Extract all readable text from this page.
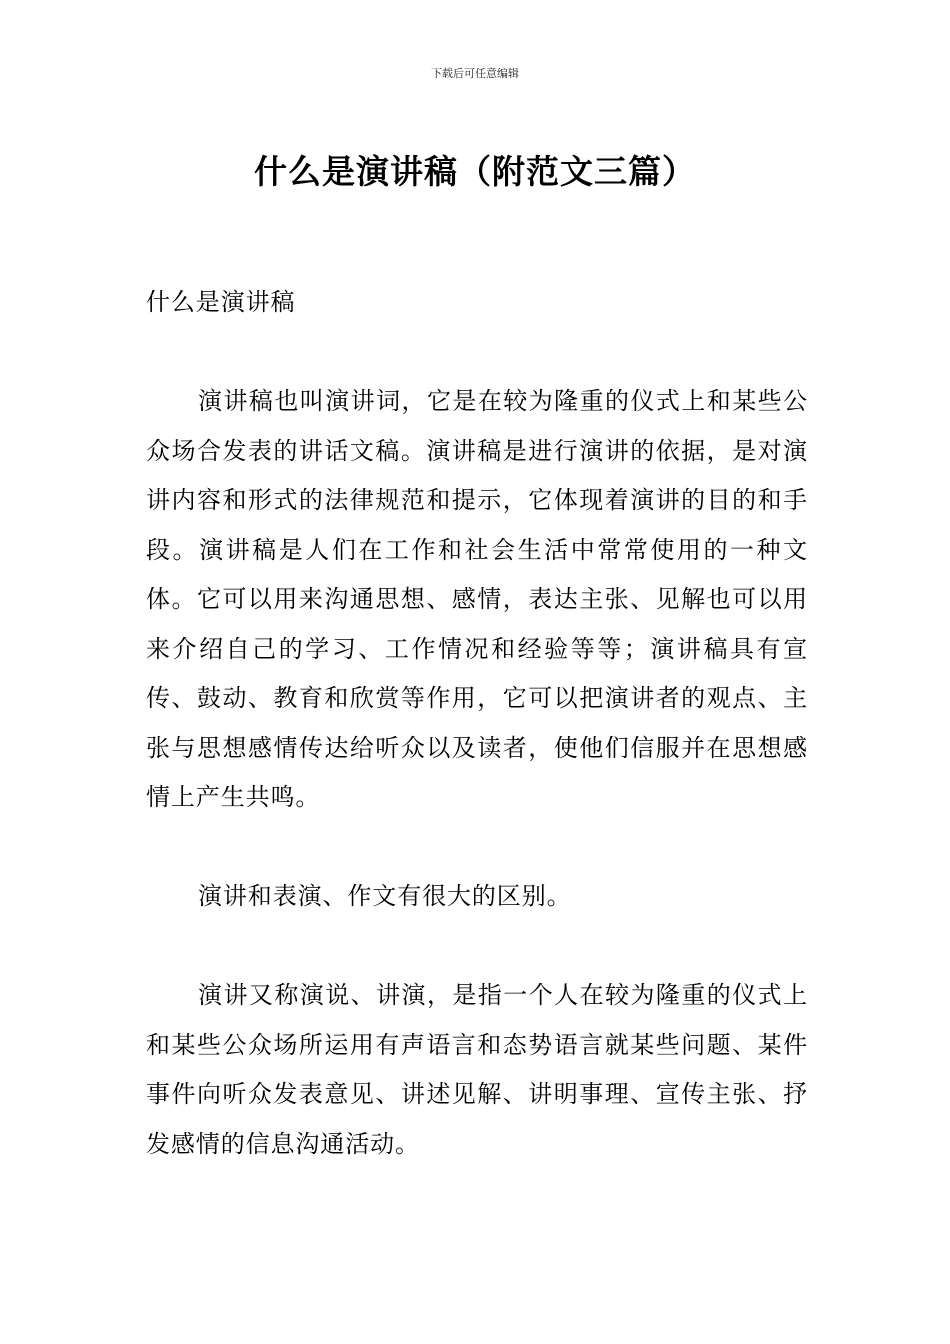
下载后可任意编辑
什么是演讲稿（附范文三篇）
什么是演讲稿

演讲稿也叫演讲词，它是在较为隆重的仪式上和某些公众场合发表的讲话文稿。演讲稿是进行演讲的依据，是对演讲内容和形式的法律规范和提示，它体现着演讲的目的和手段。演讲稿是人们在工作和社会生活中常常使用的一种文体。它可以用来沟通思想、感情，表达主张、见解也可以用来介绍自己的学习、工作情况和经验等等；演讲稿具有宣传、鼓动、教育和欣赏等作用，它可以把演讲者的观点、主张与思想感情传达给听众以及读者，使他们信服并在思想感情上产生共鸣。

演讲和表演、作文有很大的区别。

演讲又称演说、讲演，是指一个人在较为隆重的仪式上和某些公众场所运用有声语言和态势语言就某些问题、某件事件向听众发表意见、讲述见解、讲明事理、宣传主张、抒发感情的信息沟通活动。
